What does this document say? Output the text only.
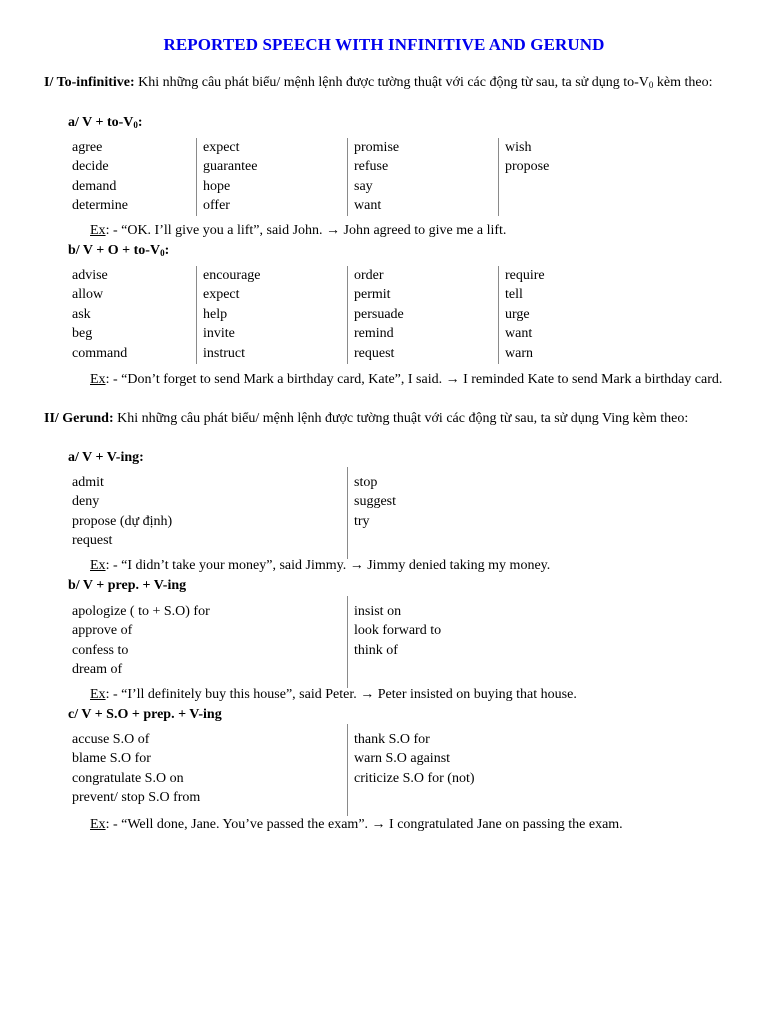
REPORTED SPEECH WITH INFINITIVE AND GERUND
I/ To-infinitive: Khi những câu phát biểu/ mệnh lệnh được tường thuật với các động từ sau, ta sử dụng $to-V_0$ kèm theo:
a/ $V + to-V_0$:
agree
decide
demand
determine
expect
guarantee
hope
offer
promise
refuse
say
want
wish
propose
Ex: - “OK. I’ll give you a lift”, said John. → John agreed to give me a lift.
b/ $V + O + to-V_0$:
advise
allow
ask
beg
command
encourage
expect
help
invite
instruct
order
permit
persuade
remind
request
require
tell
urge
want
warn
Ex: - “Don’t forget to send Mark a birthday card, Kate”, I said. → I reminded Kate to send Mark a birthday card.
II/ Gerund: Khi những câu phát biểu/ mệnh lệnh được tường thuật với các động từ sau, ta sử dụng Ving kèm theo:
a/ V + V-ing:
admit
deny
propose (dự định)
request
stop
suggest
try
Ex: - “I didn’t take your money”, said Jimmy. → Jimmy denied taking my money.
b/ V + prep. + V-ing
apologize ( to + S.O) for
approve of
confess to
dream of
insist on
look forward to
think of
Ex: - “I’ll definitely buy this house”, said Peter. → Peter insisted on buying that house.
c/ V + S.O + prep. + V-ing
accuse S.O of
blame S.O for
congratulate S.O on
prevent/ stop S.O from
thank S.O for
warn S.O against
criticize S.O for (not)
Ex: - “Well done, Jane. You’ve passed the exam”. → I congratulated Jane on passing the exam.
